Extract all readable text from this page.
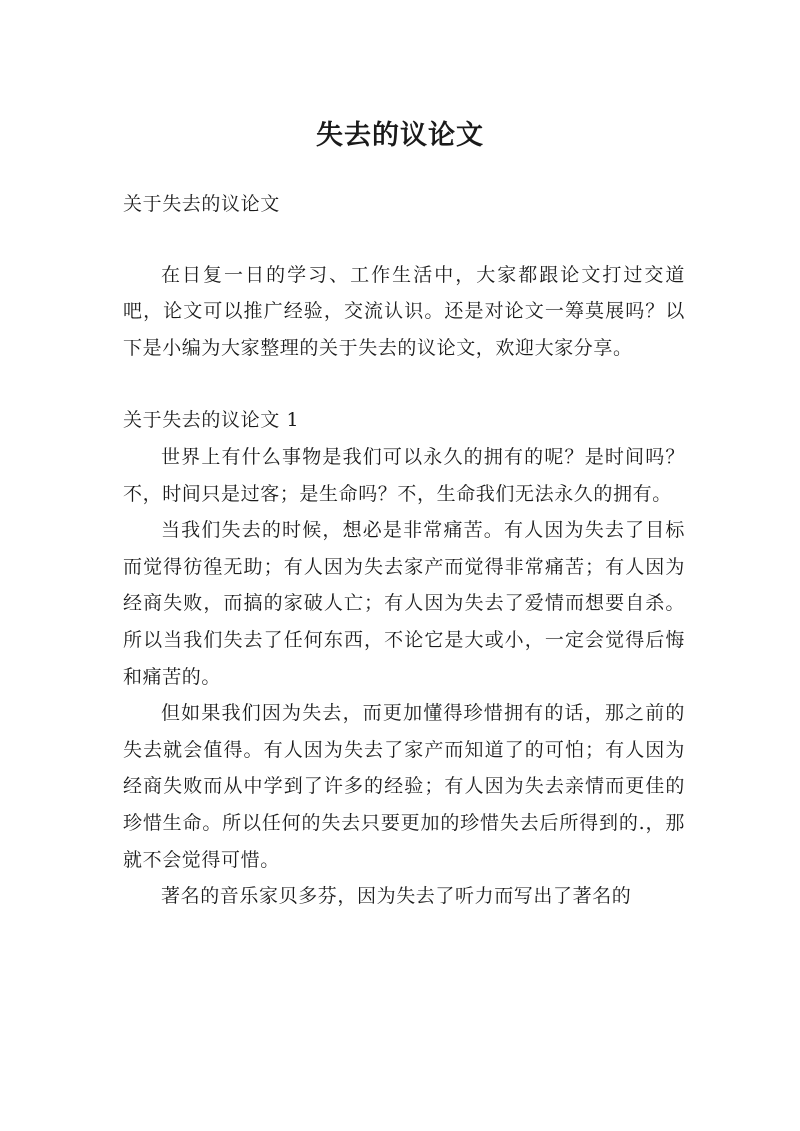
失去的议论文

关于失去的议论文

在日复一日的学习、工作生活中，大家都跟论文打过交道吧，论文可以推广经验，交流认识。还是对论文一筹莫展吗？以下是小编为大家整理的关于失去的议论文，欢迎大家分享。

关于失去的议论文 1

世界上有什么事物是我们可以永久的拥有的呢？是时间吗？不，时间只是过客；是生命吗？不，生命我们无法永久的拥有。

当我们失去的时候，想必是非常痛苦。有人因为失去了目标而觉得彷徨无助；有人因为失去家产而觉得非常痛苦；有人因为经商失败，而搞的家破人亡；有人因为失去了爱情而想要自杀。所以当我们失去了任何东西，不论它是大或小，一定会觉得后悔和痛苦的。

但如果我们因为失去，而更加懂得珍惜拥有的话，那之前的失去就会值得。有人因为失去了家产而知道了的可怕；有人因为经商失败而从中学到了许多的经验；有人因为失去亲情而更佳的珍惜生命。所以任何的失去只要更加的珍惜失去后所得到的.，那就不会觉得可惜。

著名的音乐家贝多芬，因为失去了听力而写出了著名的
